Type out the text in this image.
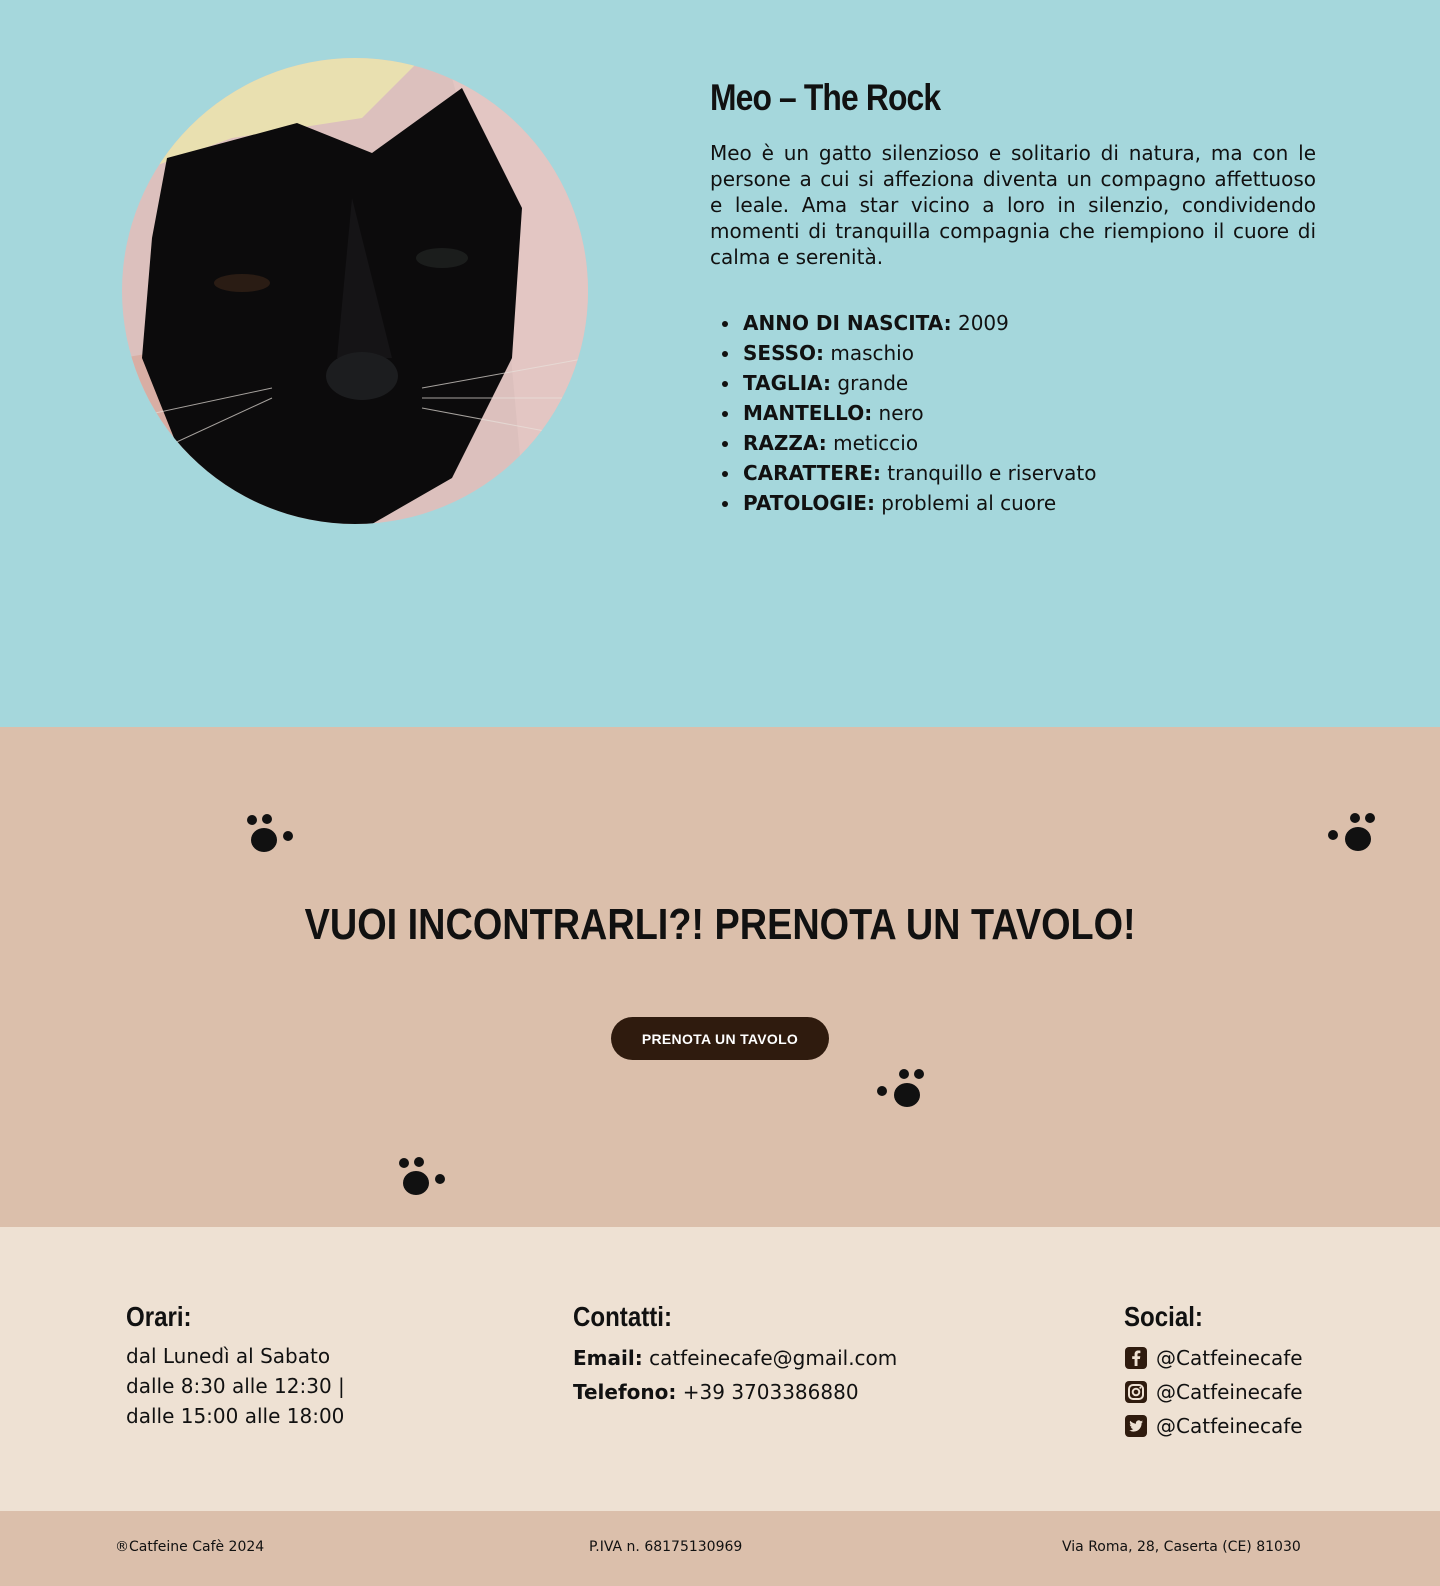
Meo – The Rock

Meo è un gatto silenzioso e solitario di natura, ma con le persone a cui si affeziona diventa un compagno affettuoso e leale. Ama star vicino a loro in silenzio, condividendo momenti di tranquilla compagnia che riempiono il cuore di calma e serenità.

ANNO DI NASCITA: 2009
SESSO: maschio
TAGLIA: grande
MANTELLO: nero
RAZZA: meticcio
CARATTERE: tranquillo e riservato
PATOLOGIE: problemi al cuore
VUOI INCONTRARLI?! PRENOTA UN TAVOLO!
PRENOTA UN TAVOLO
Orari:

dal Lunedì al Sabato

dalle 8:30 alle 12:30 |

dalle 15:00 alle 18:00

Contatti:

Email: catfeinecafe@gmail.com

Telefono: +39 3703386880

Social:
@Catfeinecafe
@Catfeinecafe
@Catfeinecafe
®Catfeine Cafè 2024	P.IVA n. 68175130969	Via Roma, 28, Caserta (CE) 81030
